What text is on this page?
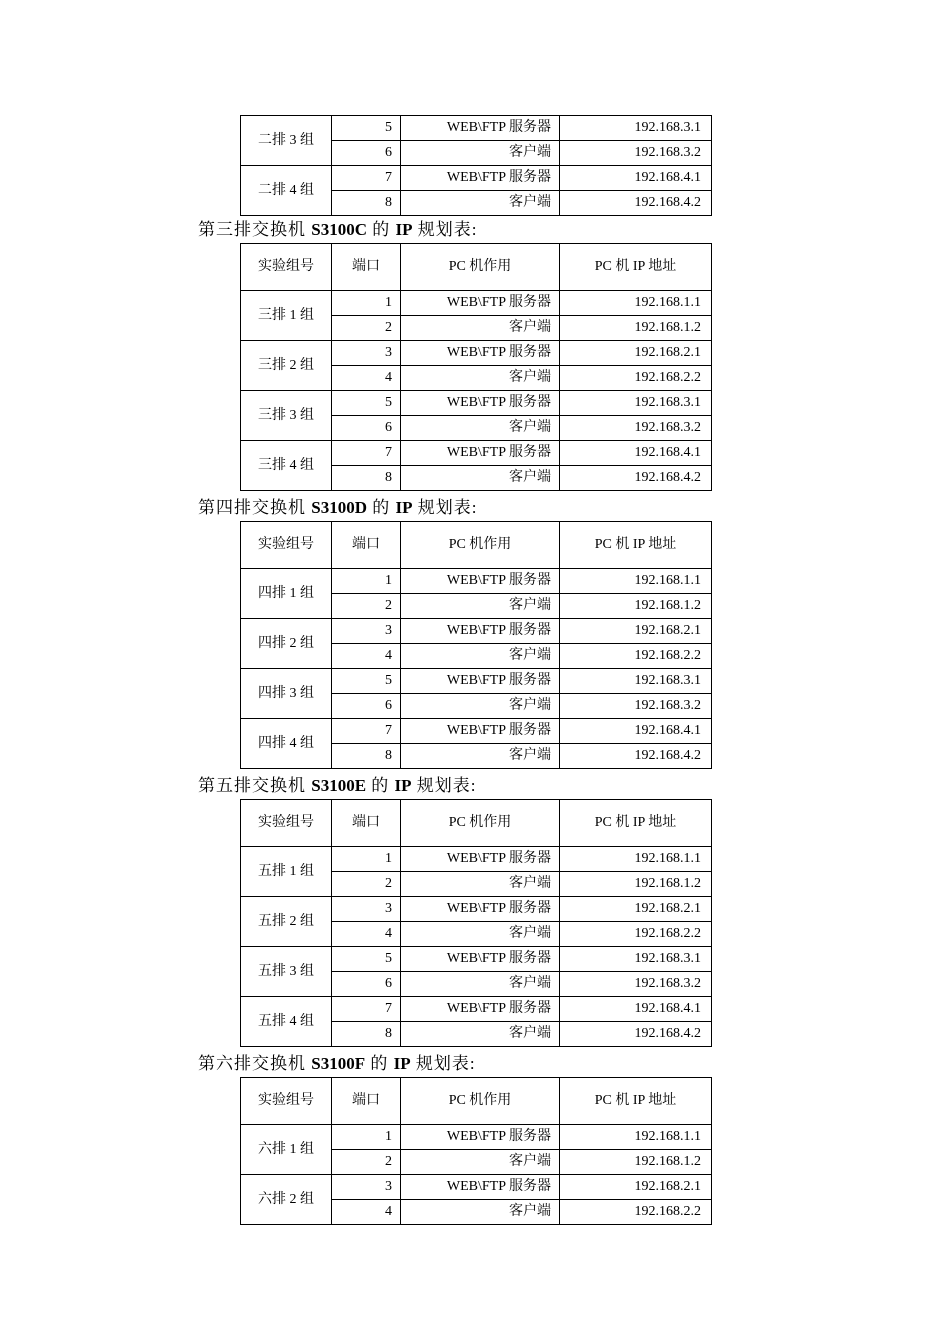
二排 3 组	5	WEB\FTP 服务器	192.168.3.1
	6	客户端	192.168.3.2
二排 4 组	7	WEB\FTP 服务器	192.168.4.1
	8	客户端	192.168.4.2
第三排交换机 S3100C 的 IP 规划表:
实验组号	端口	PC 机作用	PC 机 IP 地址
三排 1 组	1	WEB\FTP 服务器	192.168.1.1
	2	客户端	192.168.1.2
三排 2 组	3	WEB\FTP 服务器	192.168.2.1
	4	客户端	192.168.2.2
三排 3 组	5	WEB\FTP 服务器	192.168.3.1
	6	客户端	192.168.3.2
三排 4 组	7	WEB\FTP 服务器	192.168.4.1
	8	客户端	192.168.4.2
第四排交换机 S3100D 的 IP 规划表:
实验组号	端口	PC 机作用	PC 机 IP 地址
四排 1 组	1	WEB\FTP 服务器	192.168.1.1
	2	客户端	192.168.1.2
四排 2 组	3	WEB\FTP 服务器	192.168.2.1
	4	客户端	192.168.2.2
四排 3 组	5	WEB\FTP 服务器	192.168.3.1
	6	客户端	192.168.3.2
四排 4 组	7	WEB\FTP 服务器	192.168.4.1
	8	客户端	192.168.4.2
第五排交换机 S3100E 的 IP 规划表:
实验组号	端口	PC 机作用	PC 机 IP 地址
五排 1 组	1	WEB\FTP 服务器	192.168.1.1
	2	客户端	192.168.1.2
五排 2 组	3	WEB\FTP 服务器	192.168.2.1
	4	客户端	192.168.2.2
五排 3 组	5	WEB\FTP 服务器	192.168.3.1
	6	客户端	192.168.3.2
五排 4 组	7	WEB\FTP 服务器	192.168.4.1
	8	客户端	192.168.4.2
第六排交换机 S3100F 的 IP 规划表:
实验组号	端口	PC 机作用	PC 机 IP 地址
六排 1 组	1	WEB\FTP 服务器	192.168.1.1
	2	客户端	192.168.1.2
六排 2 组	3	WEB\FTP 服务器	192.168.2.1
	4	客户端	192.168.2.2
